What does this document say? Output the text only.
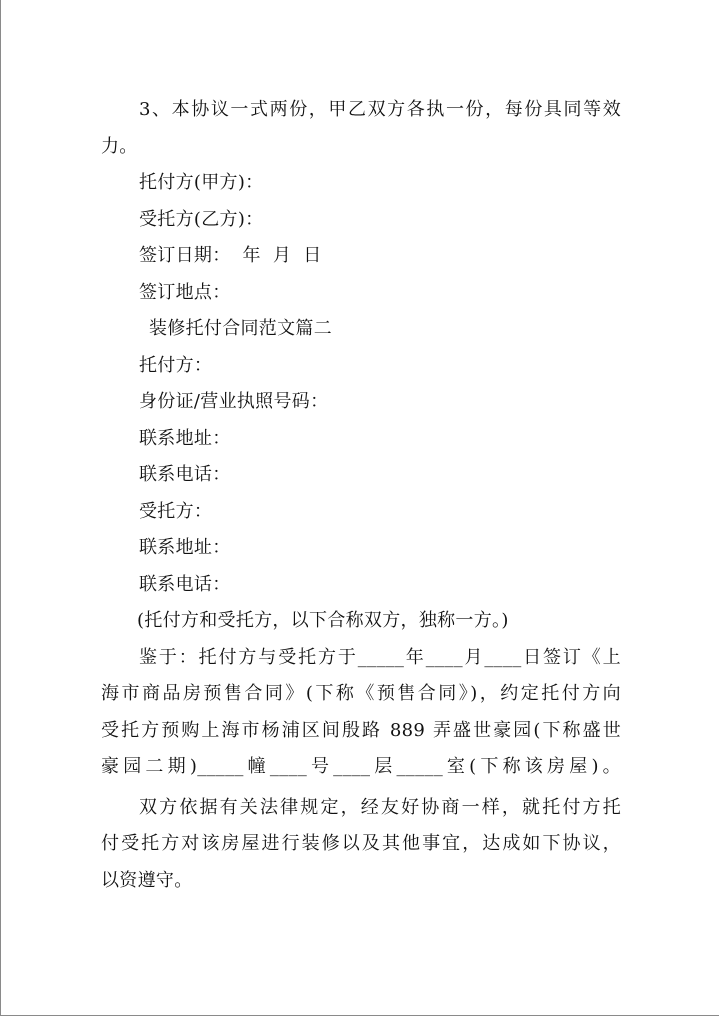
3、本协议一式两份，甲乙双方各执一份，每份具同等效
力。
托付方(甲方)：
受托方(乙方)：
签订日期：  年  月  日
签订地点：
装修托付合同范文篇二
托付方：
身份证/营业执照号码：
联系地址：
联系电话：
受托方：
联系地址：
联系电话：
(托付方和受托方，以下合称双方，独称一方。)
鉴于：托付方与受托方于_____年____月____日签订《上
海市商品房预售合同》(下称《预售合同》)，约定托付方向
受托方预购上海市杨浦区间殷路 889 弄盛世豪园(下称盛世
豪园二期)_____幢____号____层_____室(下称该房屋)。
双方依据有关法律规定，经友好协商一样，就托付方托
付受托方对该房屋进行装修以及其他事宜，达成如下协议，
以资遵守。
